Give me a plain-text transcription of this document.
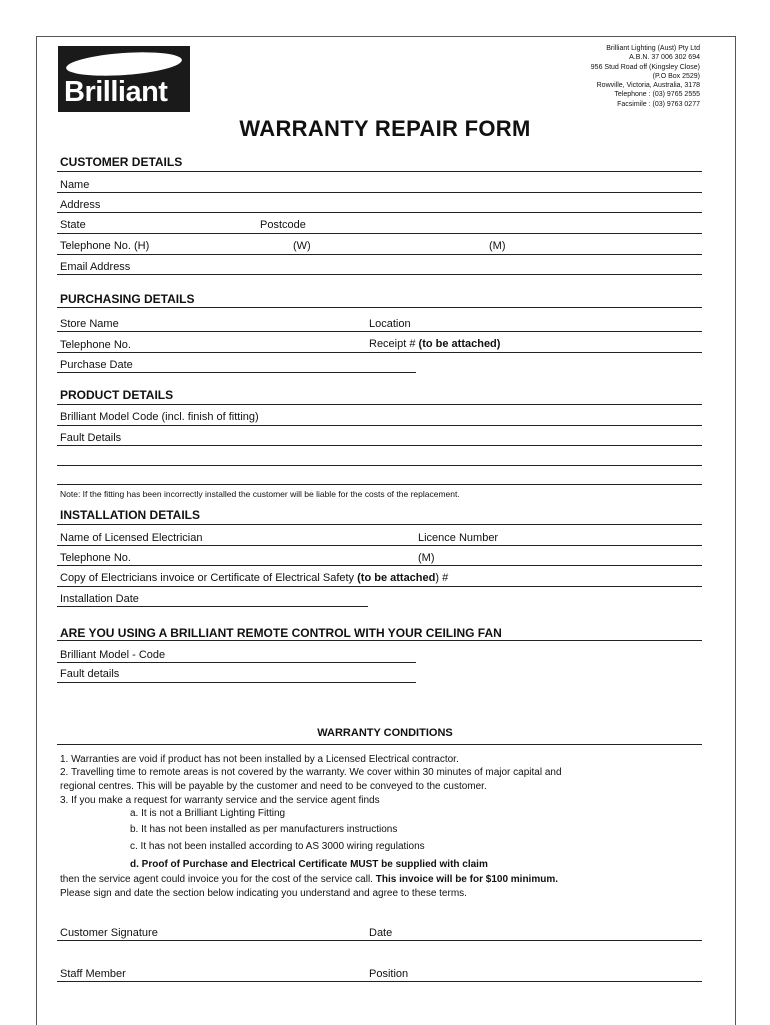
Brilliant
Brilliant Lighting (Aust) Pty Ltd
A.B.N. 37 006 302 694
956 Stud Road off (Kingsley Close)
(P.O Box 2529)
Rowville, Victoria, Australia, 3178
Telephone : (03) 9765 2555
Facsimile : (03) 9763 0277
WARRANTY REPAIR FORM
CUSTOMER DETAILS
Name
Address
State	Postcode
Telephone No. (H)	(W)	(M)
Email Address
PURCHASING DETAILS
Store Name	Location
Telephone No.	Receipt # (to be attached)
Purchase Date
PRODUCT DETAILS
Brilliant Model Code (incl. finish of fitting)
Fault Details
Note: If the fitting has been incorrectly installed the customer will be liable for the costs of the replacement.
INSTALLATION DETAILS
Name of Licensed Electrician	Licence Number
Telephone No.	(M)
Copy of Electricians invoice or Certificate of Electrical Safety (to be attached) #
Installation Date
ARE YOU USING A BRILLIANT REMOTE CONTROL WITH YOUR CEILING FAN
Brilliant Model - Code
Fault details
WARRANTY CONDITIONS
1. Warranties are void if product has not been installed by a Licensed Electrical contractor.
2. Travelling time to remote areas is not covered by the warranty. We cover within 30 minutes of major capital and
regional centres. This will be payable by the customer and need to be conveyed to the customer.
3. If you make a request for warranty service and the service agent finds
a. It is not a Brilliant Lighting Fitting
b. It has not been installed as per manufacturers instructions
c. It has not been installed according to AS 3000 wiring regulations
d. Proof of Purchase and Electrical Certificate MUST be supplied with claim
then the service agent could invoice you for the cost of the service call. This invoice will be for $100 minimum.
Please sign and date the section below indicating you understand and agree to these terms.
Customer Signature	Date
Staff Member	Position
